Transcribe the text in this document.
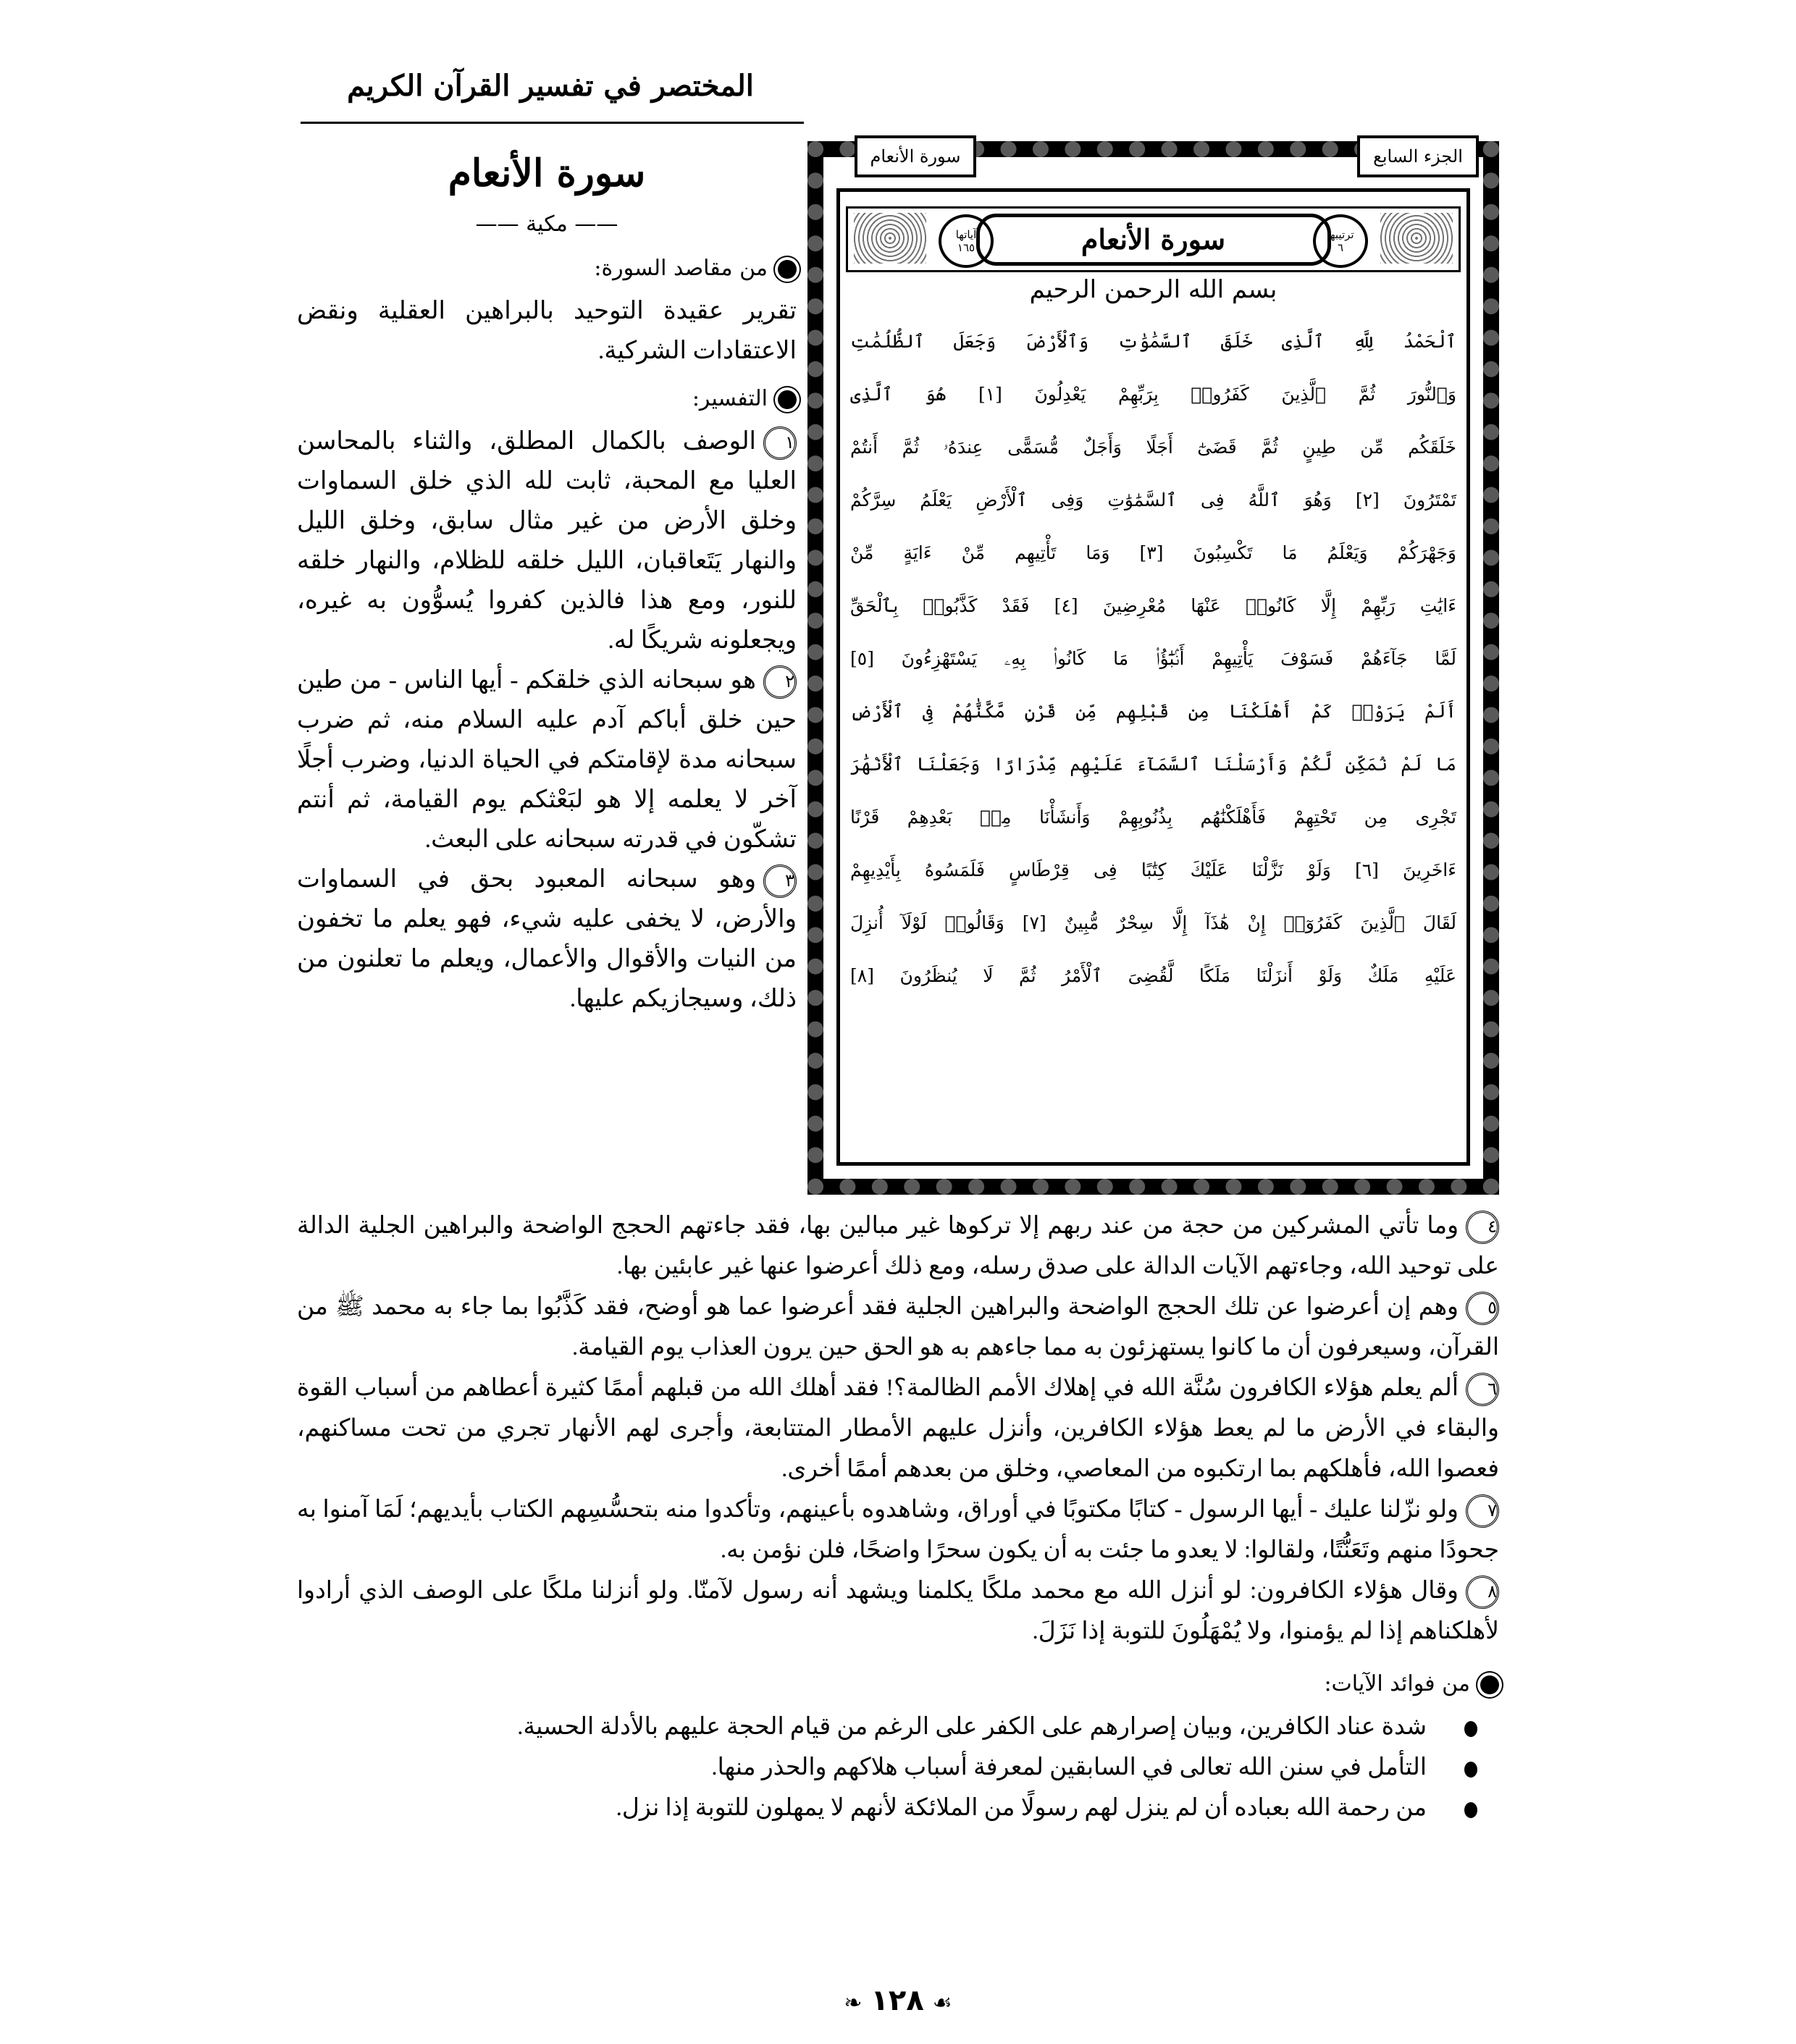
المختصر في تفسير القرآن الكريم
الجزء السابع
سورة الأنعام
ترتيبها
٦
سورة الأنعام
آياتها
١٦٥
بسم الله الرحمن الرحيم
ٱلْحَمْدُ لِلَّهِ ٱلَّذِى خَلَقَ ٱلسَّمَٰوَٰتِ وَٱلْأَرْضَ وَجَعَلَ ٱلظُّلُمَٰتِ
وَٱلنُّورَ ثُمَّ ٱلَّذِينَ كَفَرُوا۟ بِرَبِّهِمْ يَعْدِلُونَ [١] هُوَ ٱلَّذِى
خَلَقَكُم مِّن طِينٍ ثُمَّ قَضَىٰٓ أَجَلًا وَأَجَلٌ مُّسَمًّى عِندَهُۥ ثُمَّ أَنتُمْ
تَمْتَرُونَ [٢] وَهُوَ ٱللَّهُ فِى ٱلسَّمَٰوَٰتِ وَفِى ٱلْأَرْضِ يَعْلَمُ سِرَّكُمْ
وَجَهْرَكُمْ وَيَعْلَمُ مَا تَكْسِبُونَ [٣] وَمَا تَأْتِيهِم مِّنْ ءَايَةٍ مِّنْ
ءَايَٰتِ رَبِّهِمْ إِلَّا كَانُوا۟ عَنْهَا مُعْرِضِينَ [٤] فَقَدْ كَذَّبُوا۟ بِٱلْحَقِّ
لَمَّا جَآءَهُمْ فَسَوْفَ يَأْتِيهِمْ أَنۢبَٰٓؤُا۟ مَا كَانُوا۟ بِهِۦ يَسْتَهْزِءُونَ [٥]
أَلَمْ يَرَوْا۟ كَمْ أَهْلَكْنَا مِن قَبْلِهِم مِّن قَرْنٍ مَّكَّنَّٰهُمْ فِى ٱلْأَرْضِ
مَا لَمْ نُمَكِّن لَّكُمْ وَأَرْسَلْنَا ٱلسَّمَآءَ عَلَيْهِم مِّدْرَارًا وَجَعَلْنَا ٱلْأَنْهَٰرَ
تَجْرِى مِن تَحْتِهِمْ فَأَهْلَكْنَٰهُم بِذُنُوبِهِمْ وَأَنشَأْنَا مِنۢ بَعْدِهِمْ قَرْنًا
ءَاخَرِينَ [٦] وَلَوْ نَزَّلْنَا عَلَيْكَ كِتَٰبًا فِى قِرْطَاسٍ فَلَمَسُوهُ بِأَيْدِيهِمْ
لَقَالَ ٱلَّذِينَ كَفَرُوٓا۟ إِنْ هَٰذَآ إِلَّا سِحْرٌ مُّبِينٌ [٧] وَقَالُوا۟ لَوْلَآ أُنزِلَ
عَلَيْهِ مَلَكٌ وَلَوْ أَنزَلْنَا مَلَكًا لَّقُضِىَ ٱلْأَمْرُ ثُمَّ لَا يُنظَرُونَ [٨]
سورة الأنعام
—— مكية ——
من مقاصد السورة:
تقرير عقيدة التوحيد بالبراهين العقلية ونقض الاعتقادات الشركية.
التفسير:
١الوصف بالكمال المطلق، والثناء بالمحاسن العليا مع المحبة، ثابت لله الذي خلق السماوات وخلق الأرض من غير مثال سابق، وخلق الليل والنهار يَتَعاقبان، الليل خلقه للظلام، والنهار خلقه للنور، ومع هذا فالذين كفروا يُسوُّون به غيره، ويجعلونه شريكًا له.
٢هو سبحانه الذي خلقكم - أيها الناس - من طين حين خلق أباكم آدم عليه السلام منه، ثم ضرب سبحانه مدة لإقامتكم في الحياة الدنيا، وضرب أجلًا آخر لا يعلمه إلا هو لبَعْثكم يوم القيامة، ثم أنتم تشكّون في قدرته سبحانه على البعث.
٣وهو سبحانه المعبود بحق في السماوات والأرض، لا يخفى عليه شيء، فهو يعلم ما تخفون من النيات والأقوال والأعمال، ويعلم ما تعلنون من ذلك، وسيجازيكم عليها.
٤وما تأتي المشركين من حجة من عند ربهم إلا تركوها غير مبالين بها، فقد جاءتهم الحجج الواضحة والبراهين الجلية الدالة على توحيد الله، وجاءتهم الآيات الدالة على صدق رسله، ومع ذلك أعرضوا عنها غير عابئين بها.
٥وهم إن أعرضوا عن تلك الحجج الواضحة والبراهين الجلية فقد أعرضوا عما هو أوضح، فقد كَذَّبُوا بما جاء به محمد ﷺ من القرآن، وسيعرفون أن ما كانوا يستهزئون به مما جاءهم به هو الحق حين يرون العذاب يوم القيامة.
٦ألم يعلم هؤلاء الكافرون سُنَّة الله في إهلاك الأمم الظالمة؟! فقد أهلك الله من قبلهم أممًا كثيرة أعطاهم من أسباب القوة والبقاء في الأرض ما لم يعط هؤلاء الكافرين، وأنزل عليهم الأمطار المتتابعة، وأجرى لهم الأنهار تجري من تحت مساكنهم، فعصوا الله، فأهلكهم بما ارتكبوه من المعاصي، وخلق من بعدهم أممًا أخرى.
٧ولو نزّلنا عليك - أيها الرسول - كتابًا مكتوبًا في أوراق، وشاهدوه بأعينهم، وتأكدوا منه بتحسُّسِهم الكتاب بأيديهم؛ لَمَا آمنوا به جحودًا منهم وتَعَنُّتًا، ولقالوا: لا يعدو ما جئت به أن يكون سحرًا واضحًا، فلن نؤمن به.
٨وقال هؤلاء الكافرون: لو أنزل الله مع محمد ملكًا يكلمنا ويشهد أنه رسول لآمنّا. ولو أنزلنا ملكًا على الوصف الذي أرادوا لأهلكناهم إذا لم يؤمنوا، ولا يُمْهَلُونَ للتوبة إذا نَزَلَ.
من فوائد الآيات:
شدة عناد الكافرين، وبيان إصرارهم على الكفر على الرغم من قيام الحجة عليهم بالأدلة الحسية.
التأمل في سنن الله تعالى في السابقين لمعرفة أسباب هلاكهم والحذر منها.
من رحمة الله بعباده أن لم ينزل لهم رسولًا من الملائكة لأنهم لا يمهلون للتوبة إذا نزل.
❧ ١٢٨ ☙
